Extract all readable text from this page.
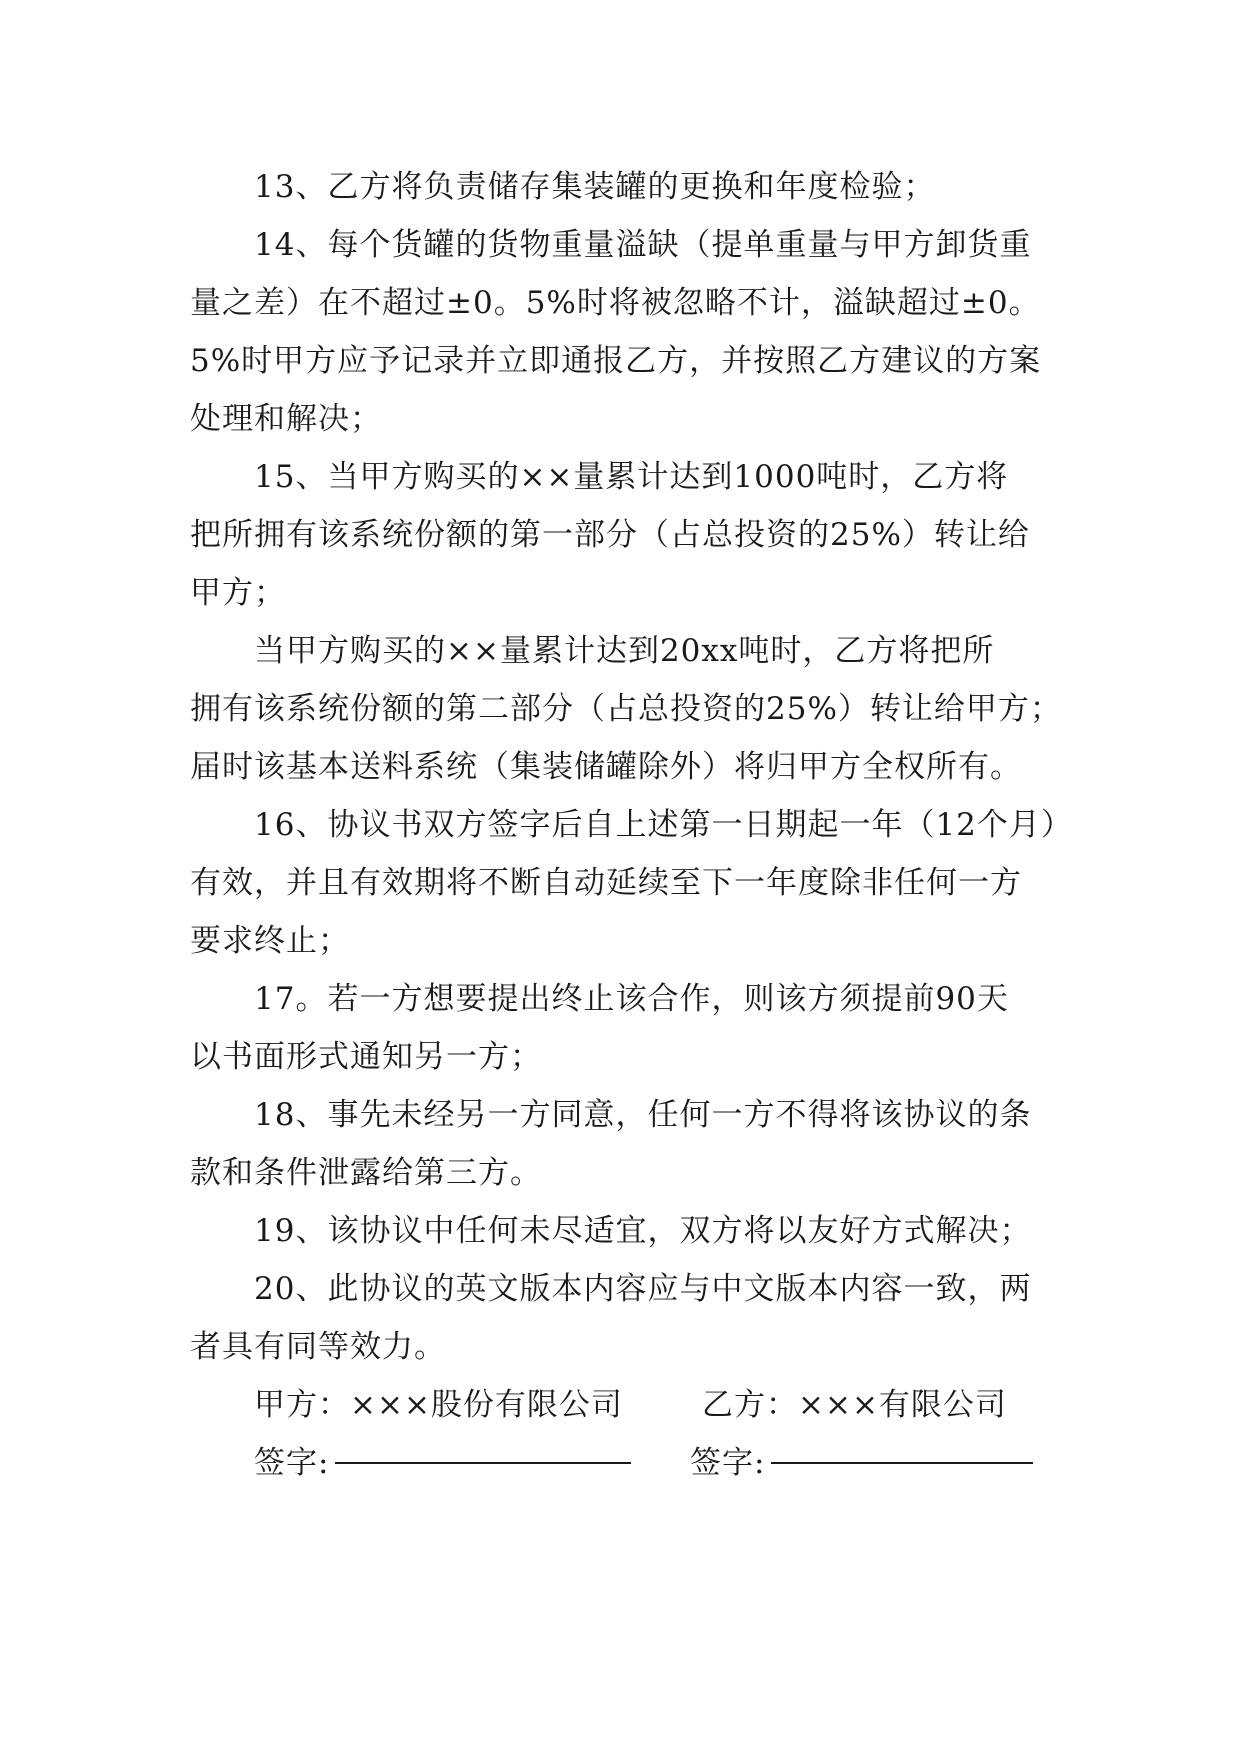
13、乙方将负责储存集装罐的更换和年度检验；
14、每个货罐的货物重量溢缺（提单重量与甲方卸货重
量之差）在不超过±0。5%时将被忽略不计，溢缺超过±0。
5%时甲方应予记录并立即通报乙方，并按照乙方建议的方案
处理和解决；
15、当甲方购买的××量累计达到1000吨时，乙方将
把所拥有该系统份额的第一部分（占总投资的25%）转让给
甲方；
当甲方购买的××量累计达到20xx吨时，乙方将把所
拥有该系统份额的第二部分（占总投资的25%）转让给甲方；
届时该基本送料系统（集装储罐除外）将归甲方全权所有。
16、协议书双方签字后自上述第一日期起一年（12个月）
有效，并且有效期将不断自动延续至下一年度除非任何一方
要求终止；
17。若一方想要提出终止该合作，则该方须提前90天
以书面形式通知另一方；
18、事先未经另一方同意，任何一方不得将该协议的条
款和条件泄露给第三方。
19、该协议中任何未尽适宜，双方将以友好方式解决；
20、此协议的英文版本内容应与中文版本内容一致，两
者具有同等效力。
甲方：×××股份有限公司	乙方：×××有限公司
签字:	签字:
